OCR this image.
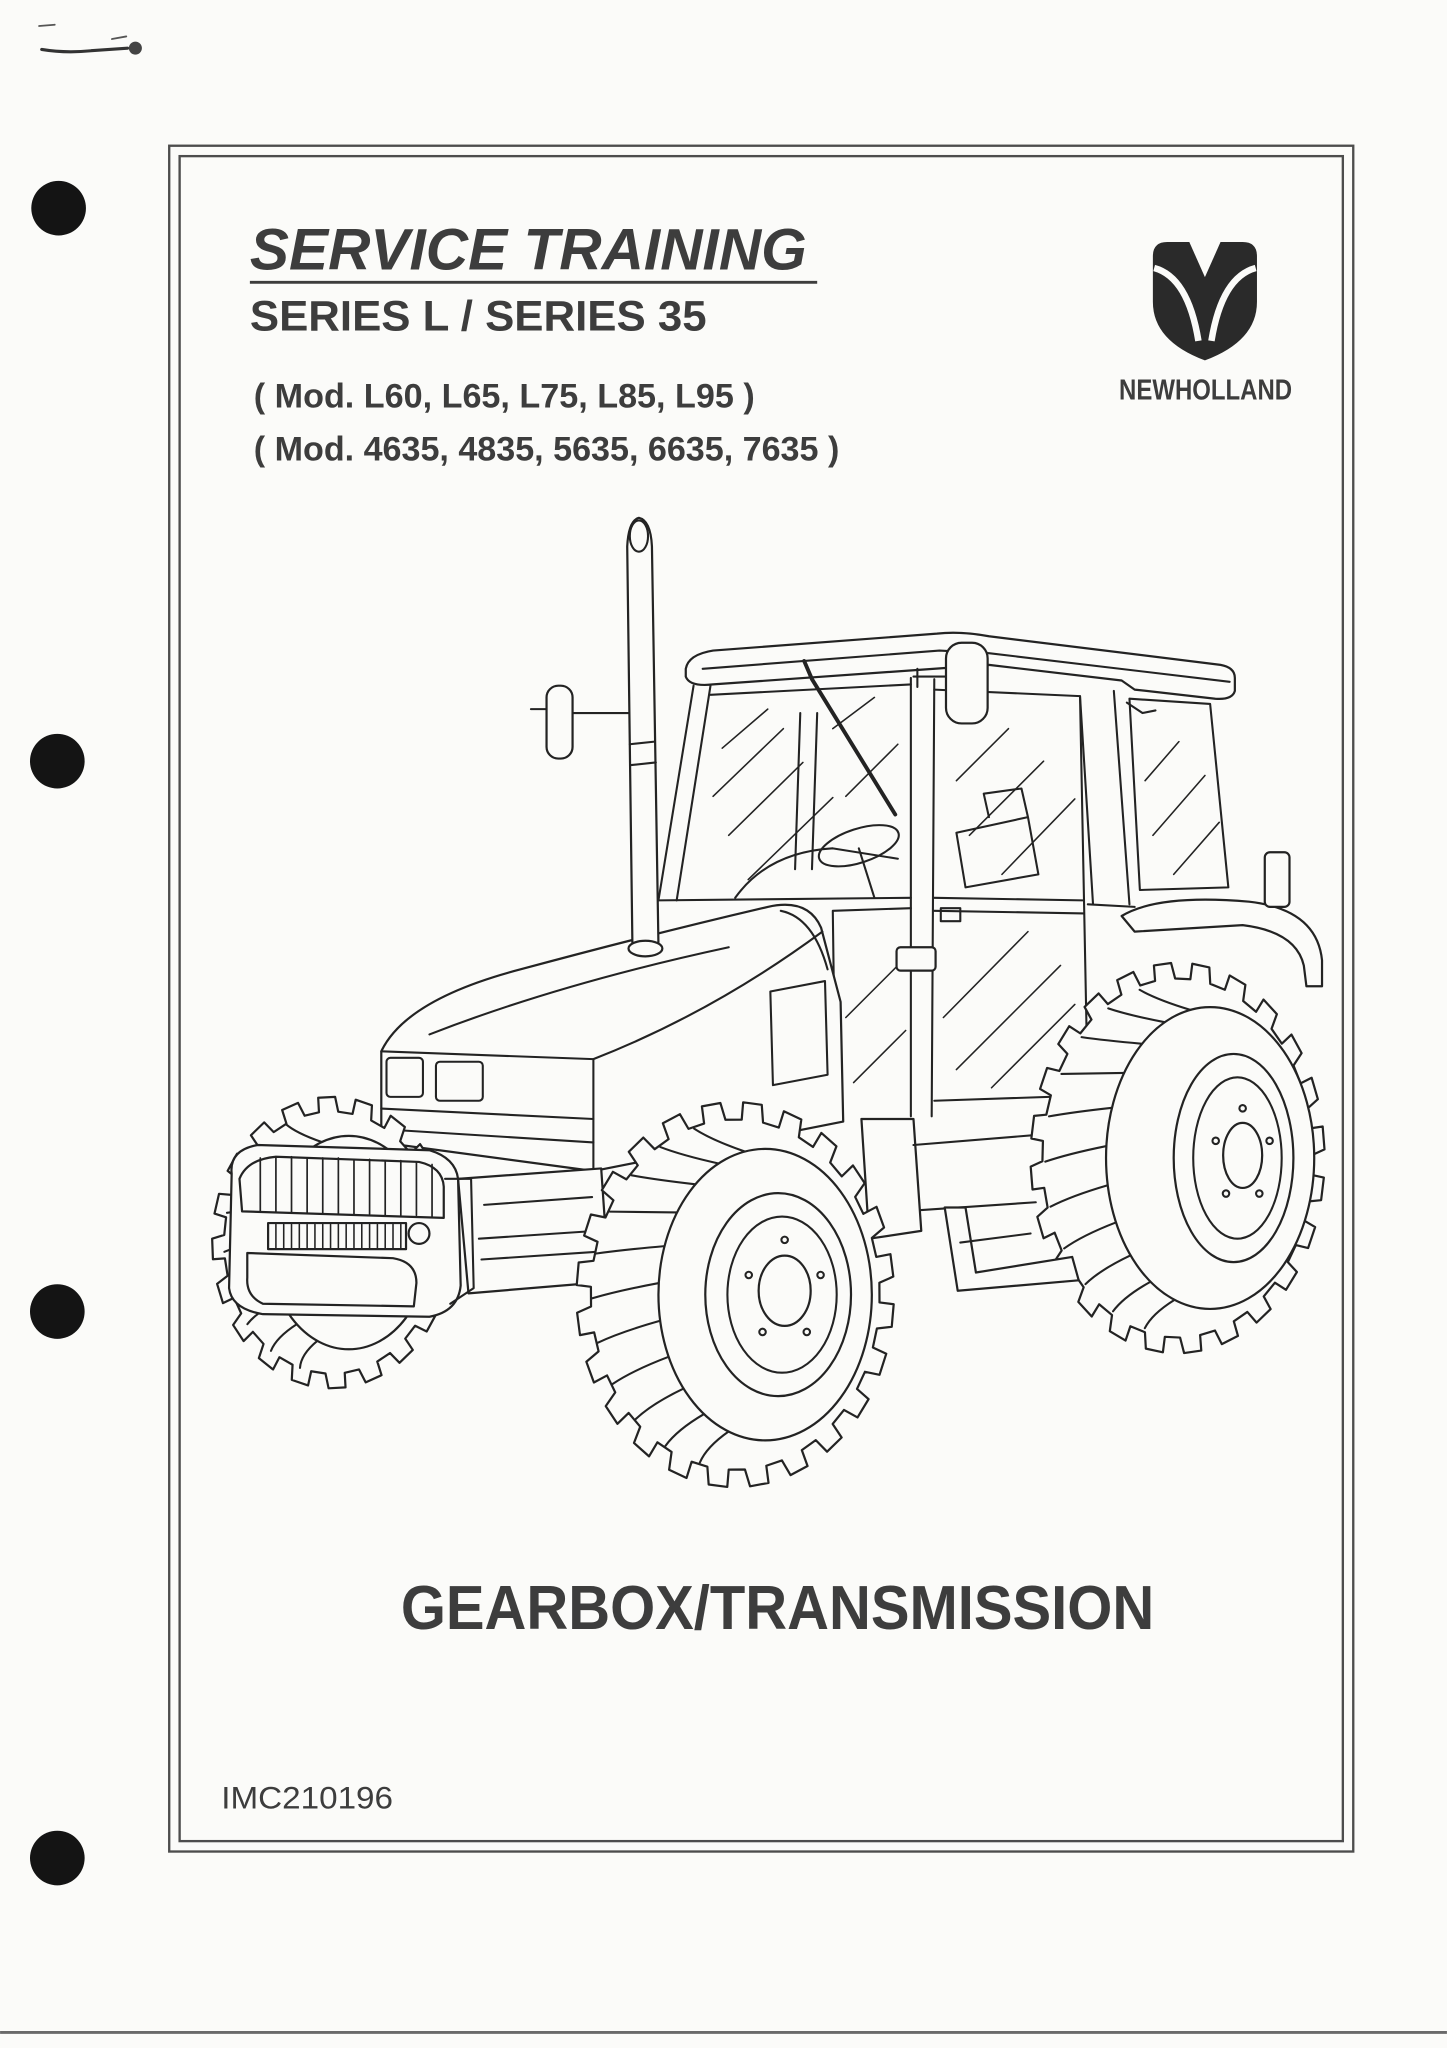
SERVICE TRAINING
SERIES L / SERIES 35
( Mod. L60, L65, L75, L85, L95 )
( Mod. 4635, 4835, 5635, 6635, 7635 )
NEWHOLLAND
GEARBOX/TRANSMISSION
IMC210196
